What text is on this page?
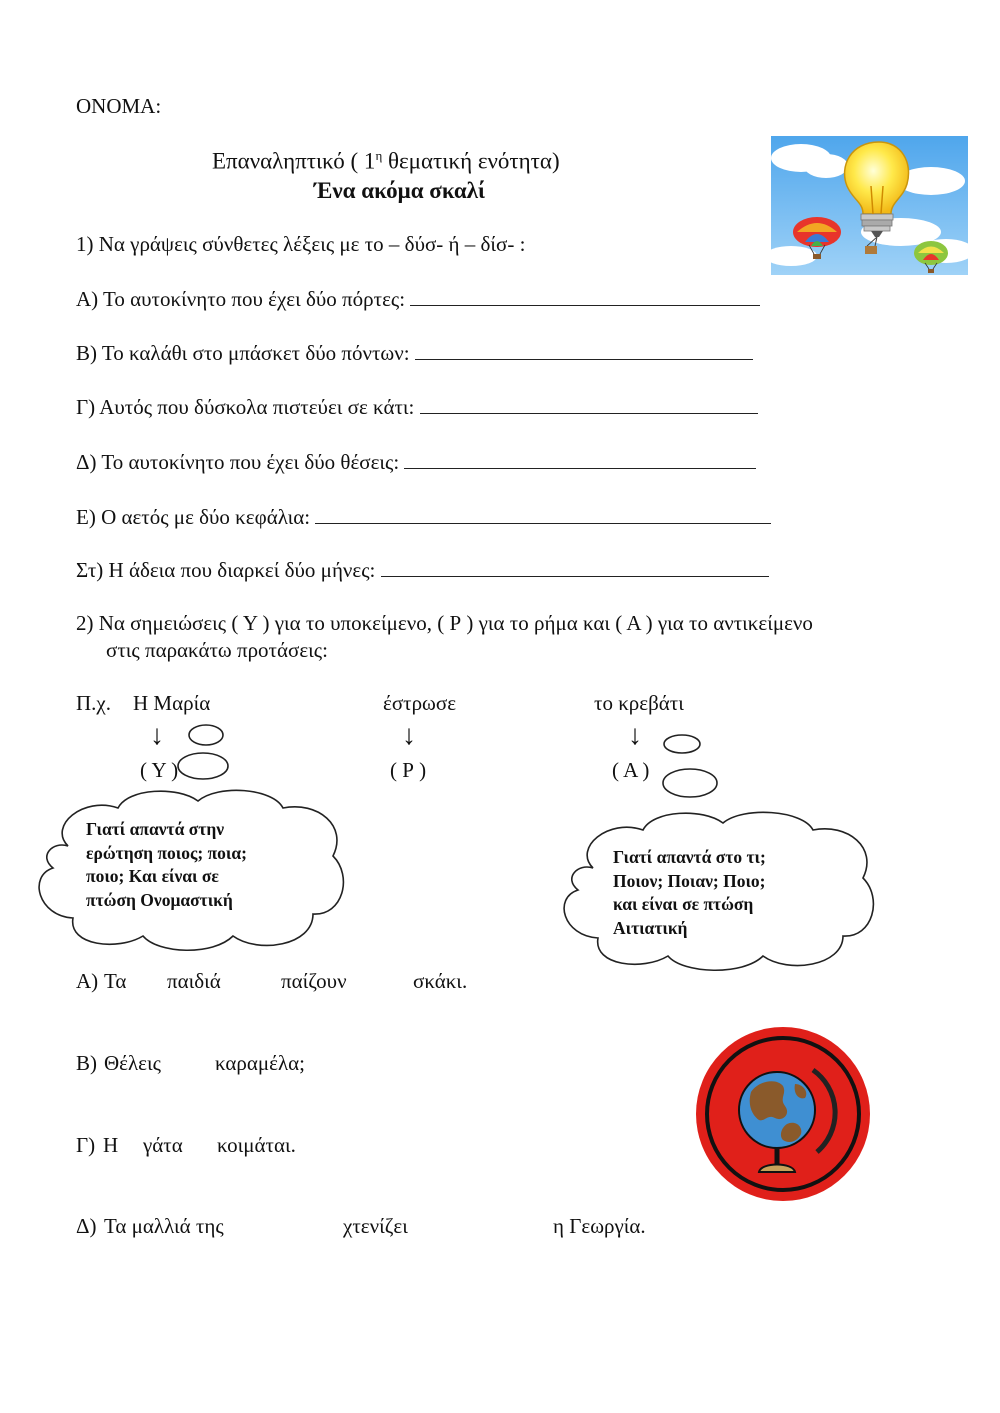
ΟΝΟΜΑ:
Επαναληπτικό ( $1^\eta$ θεματική ενότητα)
Ένα ακόμα σκαλί
1) Να γράψεις σύνθετες λέξεις με το – δύσ- ή – δίσ- :
Α) Το αυτοκίνητο που έχει δύο πόρτες:
Β) Το καλάθι στο μπάσκετ δύο πόντων:
Γ) Αυτός που δύσκολα πιστεύει σε κάτι:
Δ) Το αυτοκίνητο που έχει δύο θέσεις:
Ε) Ο αετός με δύο κεφάλια:
Στ) Η άδεια που διαρκεί δύο μήνες:
2) Να σημειώσεις ( Υ ) για το υποκείμενο, ( Ρ ) για το ρήμα και ( Α ) για το αντικείμενο
στις παρακάτω προτάσεις:
Π.χ. Η Μαρία	έστρωσε	το κρεβάτι
↓	↓	↓
( Υ )	( Ρ )	( Α )
Γιατί απαντά στην
ερώτηση ποιος; ποια;
ποιο; Και είναι σε
πτώση Ονομαστική
Γιατί απαντά στο τι;
Ποιον; Ποιαν; Ποιο;
και είναι σε πτώση
Αιτιατική
Α) Τα παιδιά	παίζουν	σκάκι.
Β) Θέλεις	καραμέλα;
Γ) Η γάτα κοιμάται.
Δ) Τα μαλλιά της	χτενίζει	η Γεωργία.
